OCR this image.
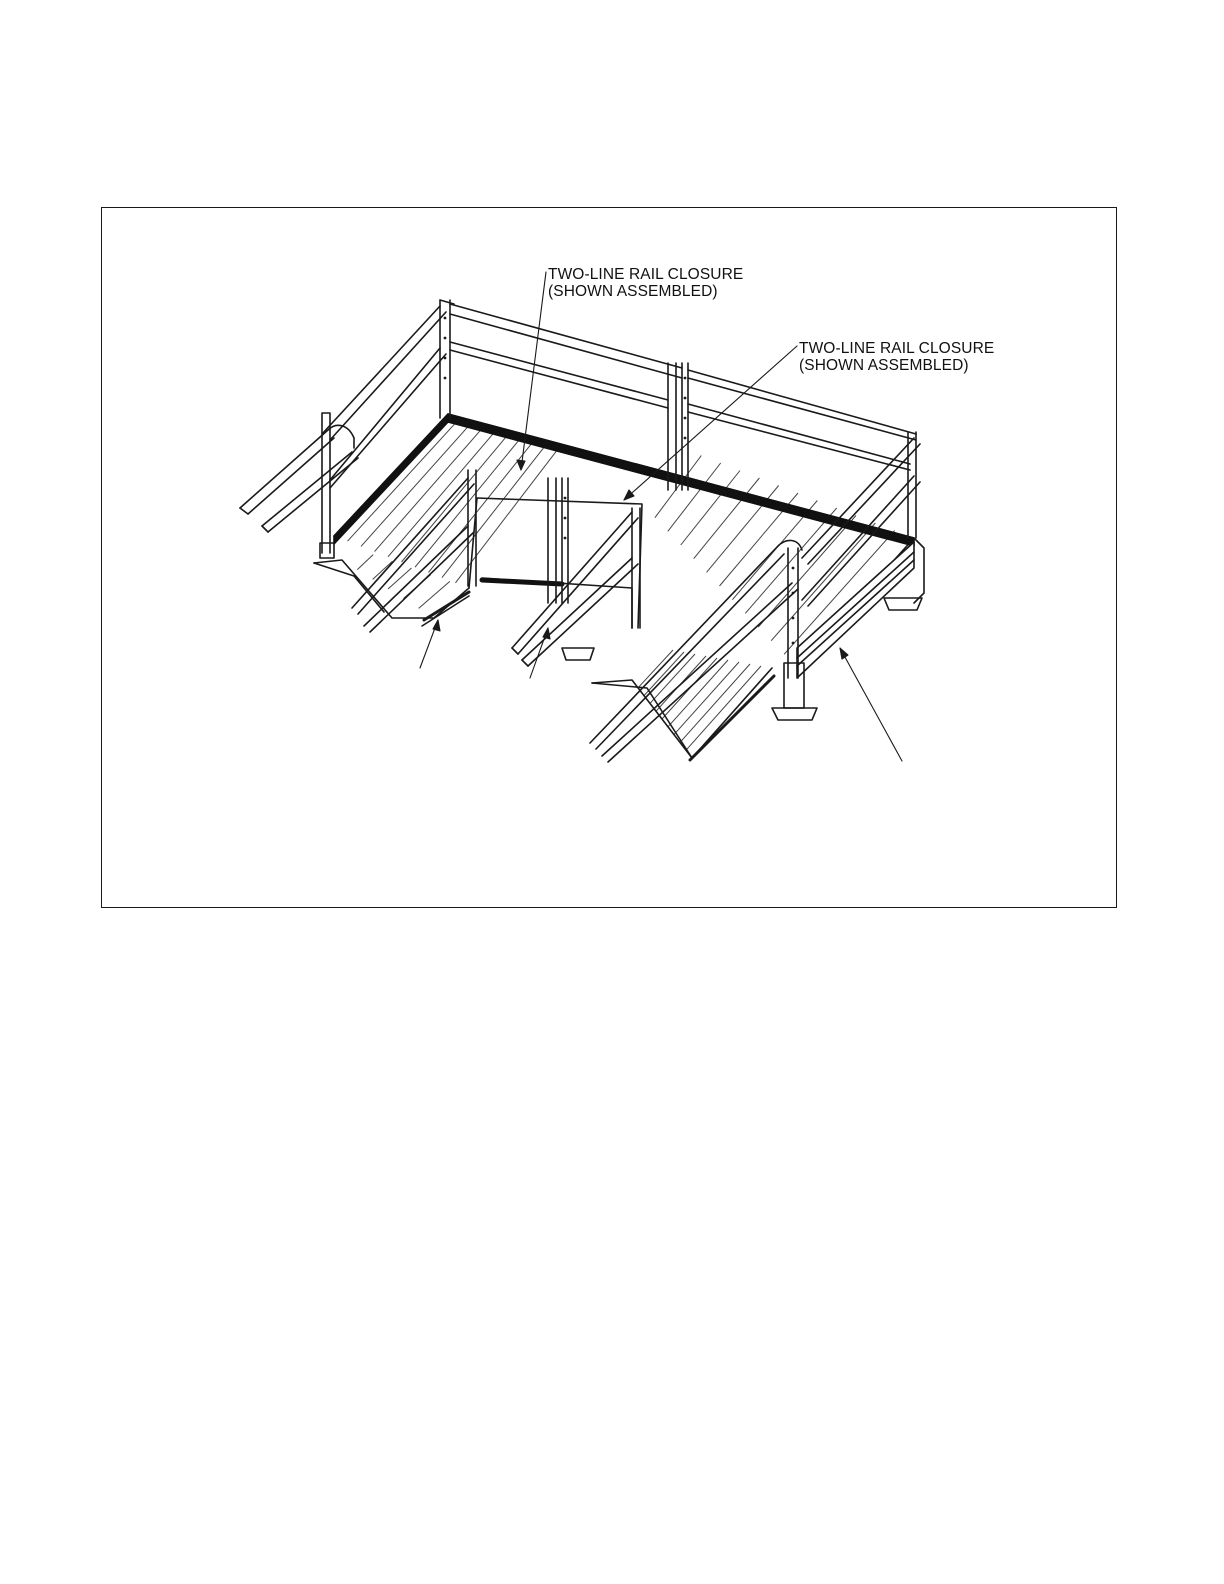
TWO-LINE RAIL CLOSURE
(SHOWN ASSEMBLED)
TWO-LINE RAIL CLOSURE
(SHOWN ASSEMBLED)
